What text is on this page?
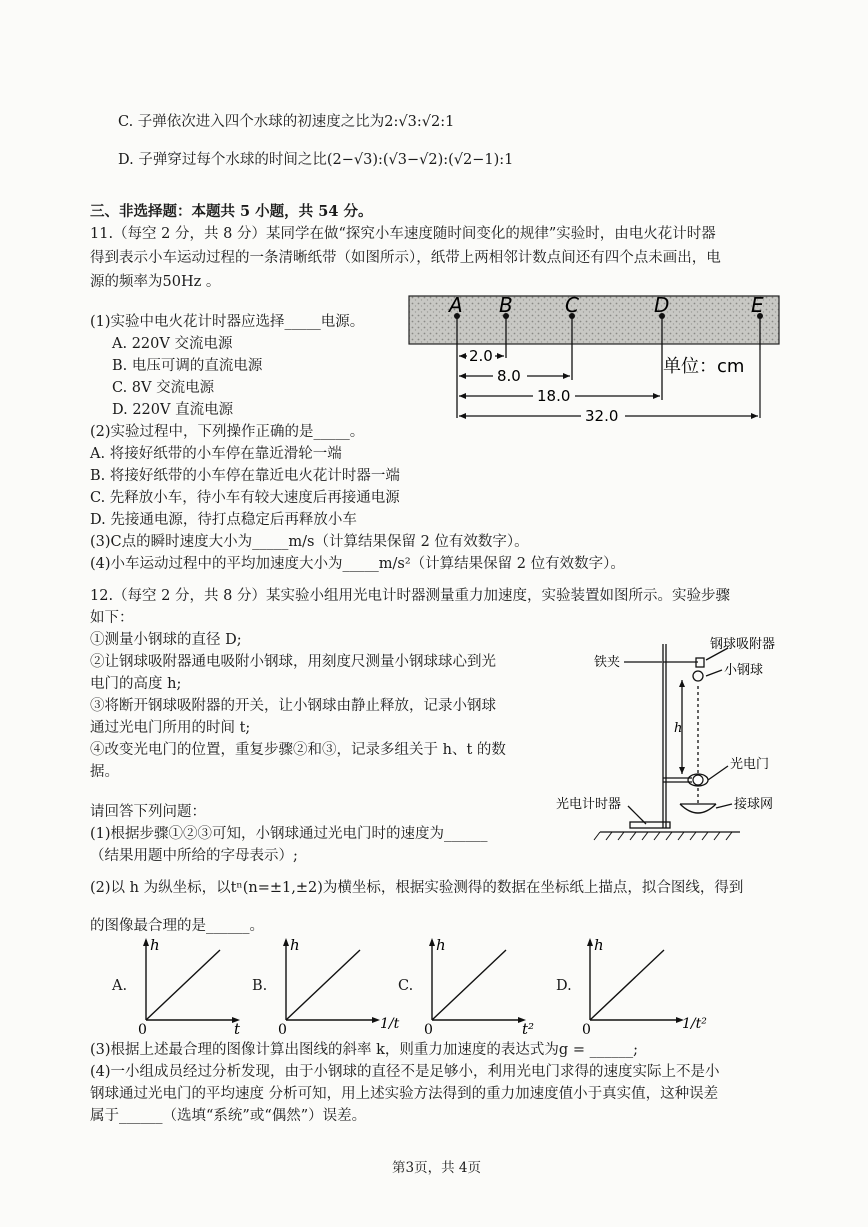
C. 子弹依次进入四个水球的初速度之比为2:√3:√2:1
D. 子弹穿过每个水球的时间之比(2−√3):(√3−√2):(√2−1):1
三、非选择题：本题共 5 小题，共 54 分。
11.（每空 2 分，共 8 分）某同学在做“探究小车速度随时间变化的规律”实验时，由电火花计时器
得到表示小车运动过程的一条清晰纸带（如图所示），纸带上两相邻计数点间还有四个点未画出，电
源的频率为50Hz 。
(1)实验中电火花计时器应选择_____电源。
A. 220V 交流电源
B. 电压可调的直流电源
C. 8V 交流电源
D. 220V 直流电源
(2)实验过程中，下列操作正确的是_____。
A. 将接好纸带的小车停在靠近滑轮一端
B. 将接好纸带的小车停在靠近电火花计时器一端
C. 先释放小车，待小车有较大速度后再接通电源
D. 先接通电源，待打点稳定后再释放小车
(3)C点的瞬时速度大小为_____m/s（计算结果保留 2 位有效数字）。
(4)小车运动过程中的平均加速度大小为_____m/s²（计算结果保留 2 位有效数字）。
A B	C	D	E
2.0
8.0
18.0
32.0
单位：cm
12.（每空 2 分，共 8 分）某实验小组用光电计时器测量重力加速度，实验装置如图所示。实验步骤
如下：
①测量小钢球的直径 D;
②让钢球吸附器通电吸附小钢球，用刻度尺测量小钢球球心到光
电门的高度 h;
③将断开钢球吸附器的开关，让小钢球由静止释放，记录小钢球
通过光电门所用的时间 t;
④改变光电门的位置，重复步骤②和③，记录多组关于 h、t 的数
据。
铁夹
钢球吸附器
小钢球
h
光电门
接球网
光电计时器
请回答下列问题：
(1)根据步骤①②③可知，小钢球通过光电门时的速度为______
（结果用题中所给的字母表示）;
(2)以 h 为纵坐标，以tⁿ(n=±1,±2)为横坐标，根据实验测得的数据在坐标纸上描点，拟合图线，得到
的图像最合理的是______。
A.
h
0	t
B.
h
0	1/t
C.
h
0	t²
D.
h
0	1/t²
(3)根据上述最合理的图像计算出图线的斜率 k，则重力加速度的表达式为g = ______;
(4)一小组成员经过分析发现，由于小钢球的直径不是足够小，利用光电门求得的速度实际上不是小
钢球通过光电门的平均速度 分析可知，用上述实验方法得到的重力加速度值小于真实值，这种误差
属于______（选填“系统”或“偶然”）误差。
第3页，共 4页
